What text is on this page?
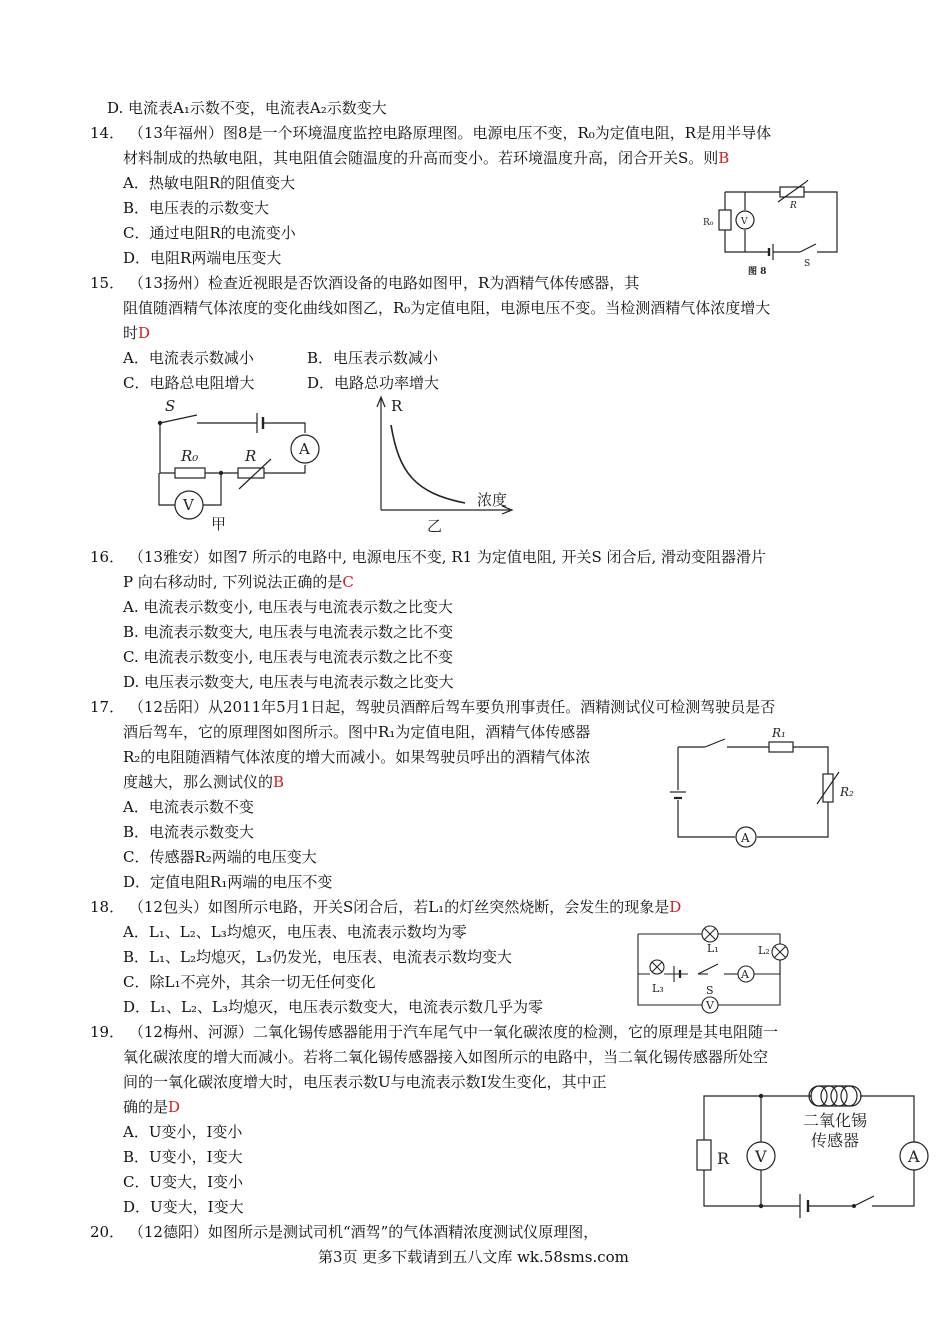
D. 电流表A₁示数不变，电流表A₂示数变大
14． （13年福州）图8是一个环境温度监控电路原理图。电源电压不变，R₀为定值电阻，R是用半导体
材料制成的热敏电阻，其电阻值会随温度的升高而变小。若环境温度升高，闭合开关S。则B
A．热敏电阻R的阻值变大
B．电压表的示数变大
C．通过电阻R的电流变小
D．电阻R两端电压变大
R₀	V
R
S
图 8
15． （13扬州）检查近视眼是否饮酒设备的电路如图甲，R为酒精气体传感器，其
阻值随酒精气体浓度的变化曲线如图乙，R₀为定值电阻，电源电压不变。当检测酒精气体浓度增大
时D
A．电流表示数减小	B．电压表示数减小
C．电路总电阻增大	D．电路总功率增大
S
R₀	R	A
V
甲
R
浓度
乙
16． （13雅安）如图7 所示的电路中, 电源电压不变, R1 为定值电阻, 开关S 闭合后, 滑动变阻器滑片
P 向右移动时, 下列说法正确的是C
A. 电流表示数变小, 电压表与电流表示数之比变大
B. 电流表示数变大, 电压表与电流表示数之比不变
C. 电流表示数变小, 电压表与电流表示数之比不变
D. 电压表示数变大, 电压表与电流表示数之比变大
17． （12岳阳）从2011年5月1日起，驾驶员酒醉后驾车要负刑事责任。酒精测试仪可检测驾驶员是否
酒后驾车，它的原理图如图所示。图中R₁为定值电阻，酒精气体传感器
R₂的电阻随酒精气体浓度的增大而减小。如果驾驶员呼出的酒精气体浓
度越大，那么测试仪的B
A．电流表示数不变
B．电流表示数变大
C．传感器R₂两端的电压变大
D．定值电阻R₁两端的电压不变
R₁
R₂
A
18． （12包头）如图所示电路，开关S闭合后，若L₁的灯丝突然烧断，会发生的现象是D
A．L₁、L₂、L₃均熄灭，电压表、电流表示数均为零
B．L₁、L₂均熄灭，L₃仍发光，电压表、电流表示数均变大
C．除L₁不亮外，其余一切无任何变化
D．L₁、L₂、L₃均熄灭，电压表示数变大，电流表示数几乎为零
L₁	L₂
L₃	S
A
V
19． （12梅州、河源）二氧化锡传感器能用于汽车尾气中一氧化碳浓度的检测，它的原理是其电阻随一
氧化碳浓度的增大而减小。若将二氧化锡传感器接入如图所示的电路中，当二氧化锡传感器所处空
间的一氧化碳浓度增大时，电压表示数U与电流表示数I发生变化，其中正
确的是D
A．U变小，I变小
B．U变小，I变大
C．U变大，I变小
D．U变大，I变大
二氧化锡
传感器
R V	A
20． （12德阳）如图所示是测试司机“酒驾”的气体酒精浓度测试仪原理图，
第3页 更多下载请到五八文库 wk.58sms.com
